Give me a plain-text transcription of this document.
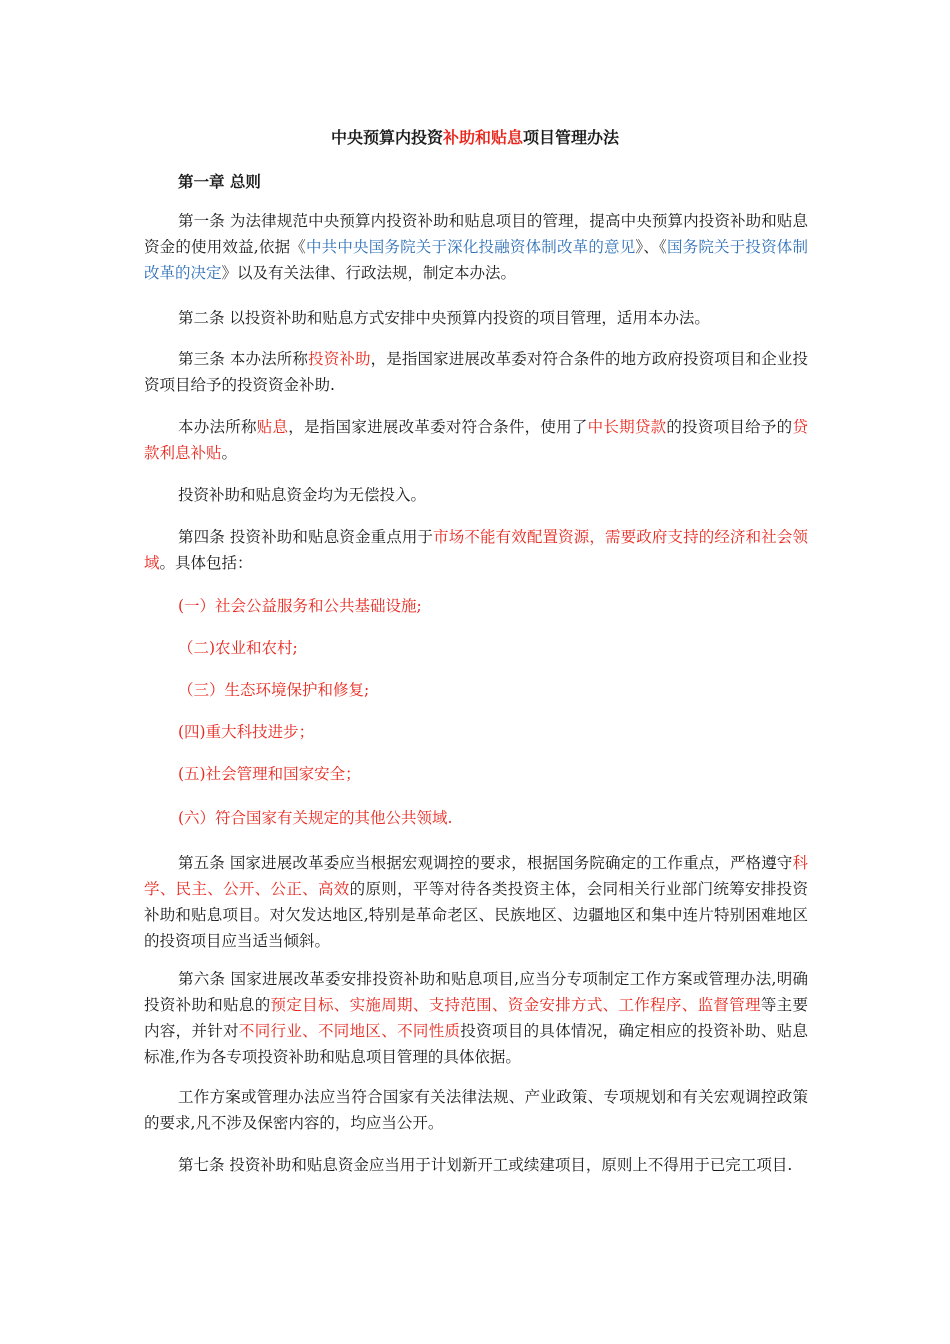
中央预算内投资补助和贴息项目管理办法
第一章 总则

第一条 为法律规范中央预算内投资补助和贴息项目的管理，提高中央预算内投资补助和贴息资金的使用效益,依据《中共中央国务院关于深化投融资体制改革的意见》、《国务院关于投资体制改革的决定》以及有关法律、行政法规，制定本办法。

第二条 以投资补助和贴息方式安排中央预算内投资的项目管理，适用本办法。

第三条 本办法所称投资补助，是指国家进展改革委对符合条件的地方政府投资项目和企业投资项目给予的投资资金补助.

本办法所称贴息，是指国家进展改革委对符合条件，使用了中长期贷款的投资项目给予的贷款利息补贴。

投资补助和贴息资金均为无偿投入。

第四条 投资补助和贴息资金重点用于市场不能有效配置资源，需要政府支持的经济和社会领域。具体包括：

(一）社会公益服务和公共基础设施;

（二)农业和农村;

（三）生态环境保护和修复;

(四)重大科技进步；

(五)社会管理和国家安全；

(六）符合国家有关规定的其他公共领域.

第五条 国家进展改革委应当根据宏观调控的要求，根据国务院确定的工作重点，严格遵守科学、民主、公开、公正、高效的原则，平等对待各类投资主体，会同相关行业部门统筹安排投资补助和贴息项目。对欠发达地区,特别是革命老区、民族地区、边疆地区和集中连片特别困难地区的投资项目应当适当倾斜。

第六条 国家进展改革委安排投资补助和贴息项目,应当分专项制定工作方案或管理办法,明确投资补助和贴息的预定目标、实施周期、支持范围、资金安排方式、工作程序、监督管理等主要内容，并针对不同行业、不同地区、不同性质投资项目的具体情况，确定相应的投资补助、贴息标准,作为各专项投资补助和贴息项目管理的具体依据。

工作方案或管理办法应当符合国家有关法律法规、产业政策、专项规划和有关宏观调控政策的要求,凡不涉及保密内容的，均应当公开。

第七条 投资补助和贴息资金应当用于计划新开工或续建项目，原则上不得用于已完工项目.
